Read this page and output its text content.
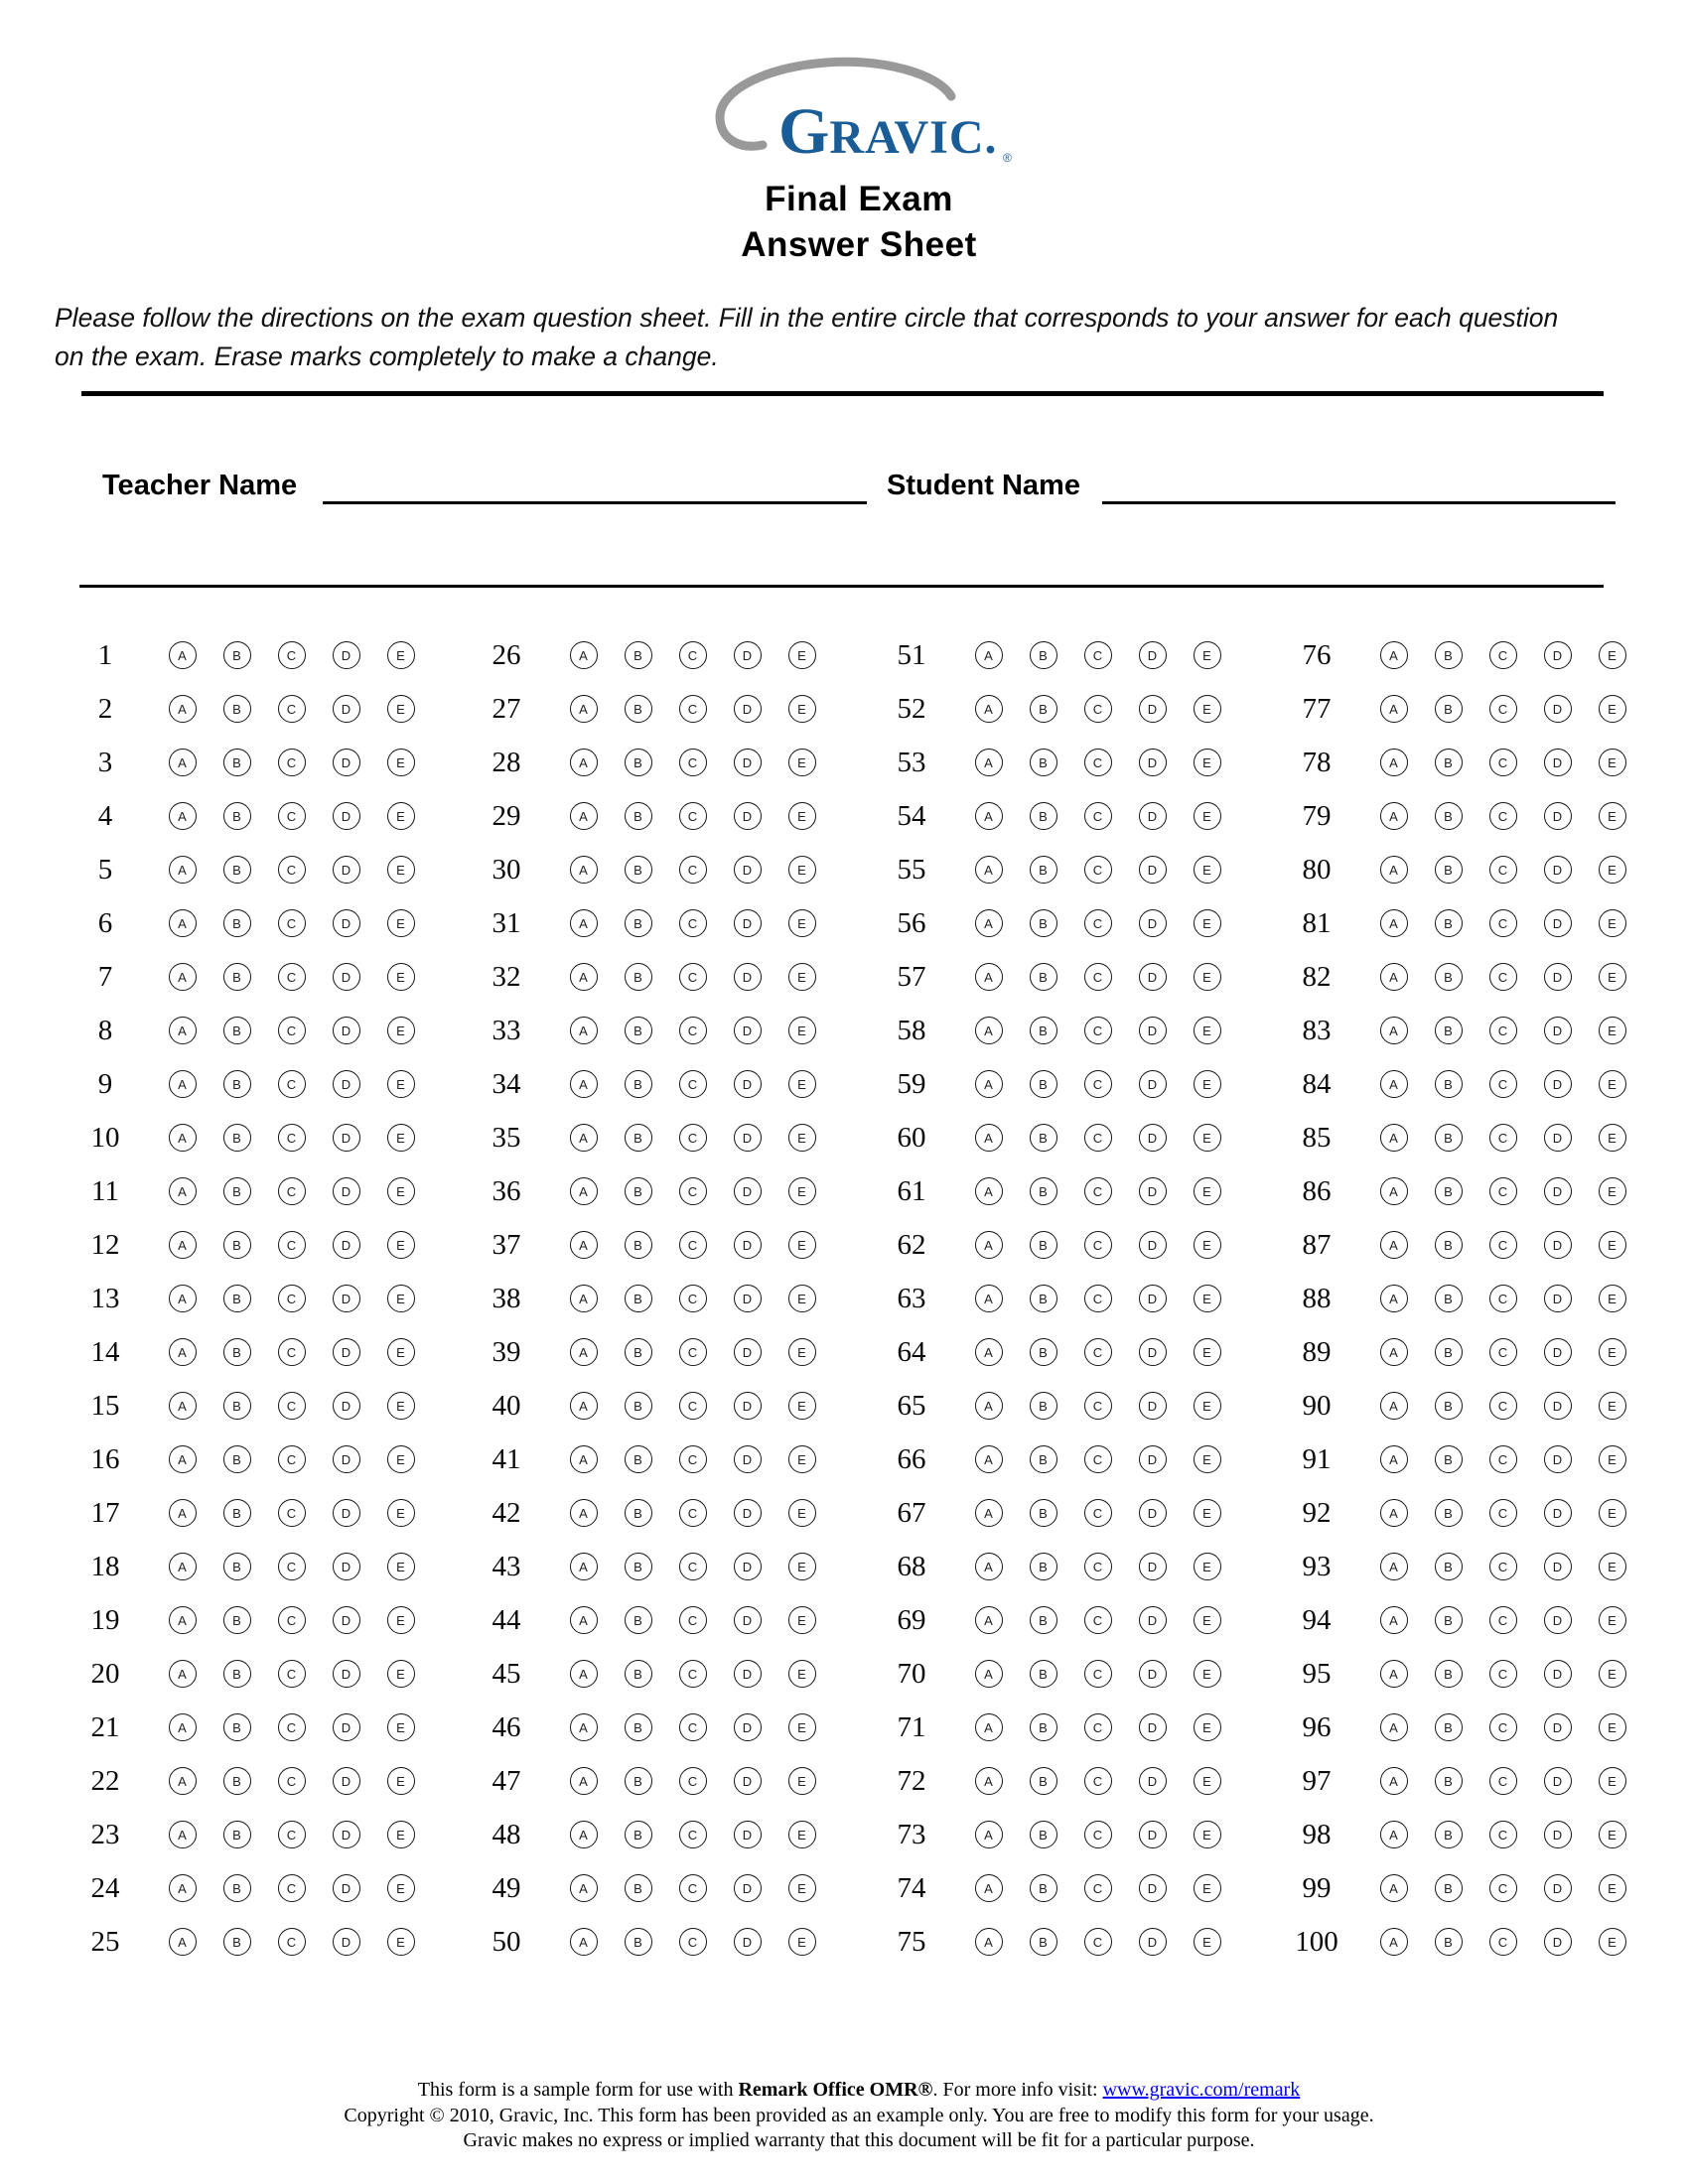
GRAVIC. ®
Final Exam
Answer Sheet
Please follow the directions on the exam question sheet. Fill in the entire circle that corresponds to your answer for each question
on the exam. Erase marks completely to make a change.
Teacher Name	Student Name
1	A	B	C	D	E
2	A	B	C	D	E
3	A	B	C	D	E
4	A	B	C	D	E
5	A	B	C	D	E
6	A	B	C	D	E
7	A	B	C	D	E
8	A	B	C	D	E
9	A	B	C	D	E
10	A	B	C	D	E
11	A	B	C	D	E
12	A	B	C	D	E
13	A	B	C	D	E
14	A	B	C	D	E
15	A	B	C	D	E
16	A	B	C	D	E
17	A	B	C	D	E
18	A	B	C	D	E
19	A	B	C	D	E
20	A	B	C	D	E
21	A	B	C	D	E
22	A	B	C	D	E
23	A	B	C	D	E
24	A	B	C	D	E
25	A	B	C	D	E
26	A	B	C	D	E
27	A	B	C	D	E
28	A	B	C	D	E
29	A	B	C	D	E
30	A	B	C	D	E
31	A	B	C	D	E
32	A	B	C	D	E
33	A	B	C	D	E
34	A	B	C	D	E
35	A	B	C	D	E
36	A	B	C	D	E
37	A	B	C	D	E
38	A	B	C	D	E
39	A	B	C	D	E
40	A	B	C	D	E
41	A	B	C	D	E
42	A	B	C	D	E
43	A	B	C	D	E
44	A	B	C	D	E
45	A	B	C	D	E
46	A	B	C	D	E
47	A	B	C	D	E
48	A	B	C	D	E
49	A	B	C	D	E
50	A	B	C	D	E
51	A	B	C	D	E
52	A	B	C	D	E
53	A	B	C	D	E
54	A	B	C	D	E
55	A	B	C	D	E
56	A	B	C	D	E
57	A	B	C	D	E
58	A	B	C	D	E
59	A	B	C	D	E
60	A	B	C	D	E
61	A	B	C	D	E
62	A	B	C	D	E
63	A	B	C	D	E
64	A	B	C	D	E
65	A	B	C	D	E
66	A	B	C	D	E
67	A	B	C	D	E
68	A	B	C	D	E
69	A	B	C	D	E
70	A	B	C	D	E
71	A	B	C	D	E
72	A	B	C	D	E
73	A	B	C	D	E
74	A	B	C	D	E
75	A	B	C	D	E
76	A	B	C	D	E
77	A	B	C	D	E
78	A	B	C	D	E
79	A	B	C	D	E
80	A	B	C	D	E
81	A	B	C	D	E
82	A	B	C	D	E
83	A	B	C	D	E
84	A	B	C	D	E
85	A	B	C	D	E
86	A	B	C	D	E
87	A	B	C	D	E
88	A	B	C	D	E
89	A	B	C	D	E
90	A	B	C	D	E
91	A	B	C	D	E
92	A	B	C	D	E
93	A	B	C	D	E
94	A	B	C	D	E
95	A	B	C	D	E
96	A	B	C	D	E
97	A	B	C	D	E
98	A	B	C	D	E
99	A	B	C	D	E
100	A	B	C	D	E
This form is a sample form for use with Remark Office OMR®. For more info visit: www.gravic.com/remark
Copyright © 2010, Gravic, Inc. This form has been provided as an example only. You are free to modify this form for your usage.
Gravic makes no express or implied warranty that this document will be fit for a particular purpose.
